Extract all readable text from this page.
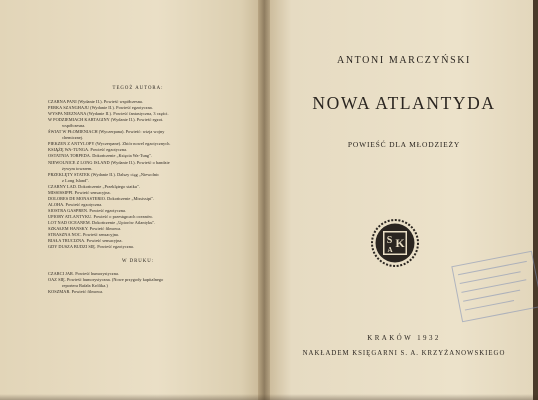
TEGOŻ AUTORA:
CZARNA PANI (Wydanie II.). Powieść współczesna.
PERKA SZANGHAJU (Wydanie II.). Powieść egzotyczna.
WYSPA NIEZNANA (Wydanie II.). Powieść fantastyczna, 3 części.
W PODZIEMIACH KARTAGINY (Wydanie II.). Powieść egzot.
współczesna.
ŚWIAT W PŁOMIENIACH (Wyczerpana). Powieść: wizja wojny
chemicznej.
PIEKZEN Z ANTYLOPY (Wyczerpane). Zbiór nowel egzotycznych.
KSIĄŻĘ WA-TUNGA. Powieść egzotyczna.
OSTATNIA TORPEDA. Dokończenie „Księcia Wa-Tung".
NIEWOLNICE Z LONG ISLAND (Wydanie II.). Powieść o bandzie
żywym towarem.
PRZEKLĘTY STATEK (Wydanie II.). Dalszy ciąg „Niewolnic
z Long Island".
CZARNY LAD. Dokończenie „Przeklętego statku".
MISSISSIPPI. Powieść sensacyjna.
DOLORES DE MONASTERIO. Dokończenie „Mississipi".
ALOHA. Powieść egzotyczna.
SIOSTRA GASPREN. Powieść egzotyczna.
UPIORY ATLANTYKU. Powieść o przestępcach oceanów.
LOT NAD OCEANEM. Dokończenie „Upiorów Atlantyku".
SZKAŁEM HANSKY. Powieść filmowa.
STRASZNA NOC. Powieść sensacyjna.
BIAŁA TRUCIZNA. Powieść sensacyjna.
GDY DUSZA BUDZI SIĘ. Powieść egzotyczna.
W DRUKU:
CZARCI JAR. Powieść humorystyczna.
OAZ SIĘ. Powieść humorystyczna. (Nowe przygody kapitalnego
reportera Rafała Królika.)
KOSZMAR. Powieść filmowa.
ANTONI MARCZYŃSKI
NOWA ATLANTYDA
POWIEŚĆ DLA MŁODZIEŻY
S K
A
KRAKÓW 1932
NAKŁADEM KSIĘGARNI S. A. KRZYŻANOWSKIEGO
